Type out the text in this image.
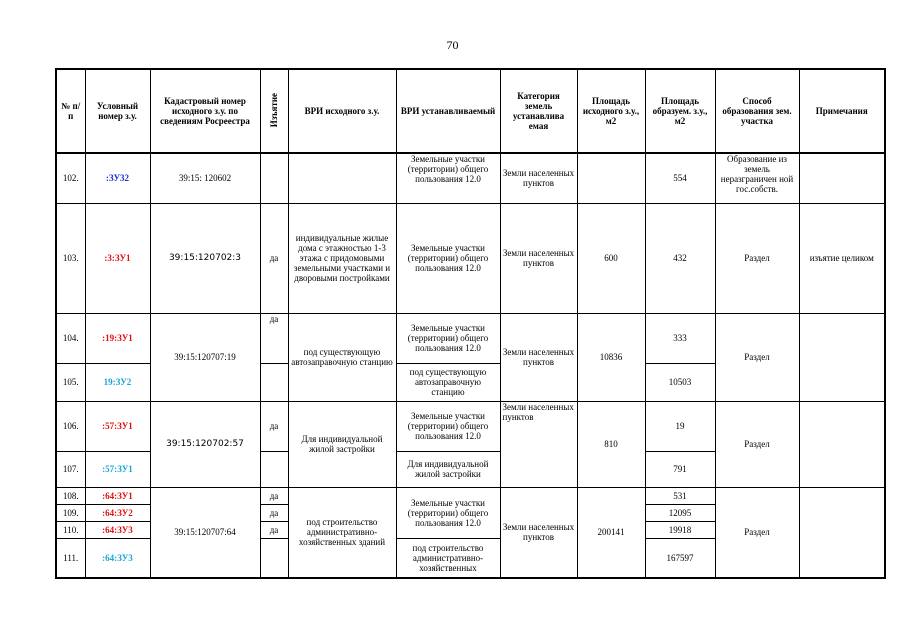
70
№ п/п	Условный номер з.у.	Кадастровый номер исходного з.у. по сведениям Росреестра	Изъятие	ВРИ исходного з.у.	ВРИ устанавливаемый	Категория земель устанавлива емая	Площадь исходного з.у., м2	Площадь образуем. з.у., м2	Способ образования зем. участка	Примечания
102.	:ЗУ32	39:15: 120602			Земельные участки (территории) общего пользования 12.0	Земли населенных пунктов		554	Образование из земель неразграничен ной гос.собств.	
103.	:3:ЗУ1	39:15:120702:3	да	индивидуальные жилые дома с этажностью 1-3 этажа с придомовыми земельными участками и дворовыми постройками	Земельные участки (территории) общего пользования 12.0	Земли населенных пунктов	600	432	Раздел	изъятие целиком
104.	:19:ЗУ1	39:15:120707:19	да	под существующую автозаправочную станцию	Земельные участки (территории) общего пользования 12.0	Земли населенных пунктов	10836	333	Раздел	
105.	19:ЗУ2				под существующую автозаправочную станцию			10503		
106.	:57:ЗУ1	39:15:120702:57	да	Для индивидуальной жилой застройки	Земельные участки (территории) общего пользования 12.0	Земли населенных пунктов	810	19	Раздел	
107.	:57:ЗУ1				Для индивидуальной жилой застройки			791		
108.	:64:ЗУ1	39:15:120707:64	да	под строительство административно-хозяйственных зданий	Земельные участки (территории) общего пользования 12.0	Земли населенных пунктов	200141	531	Раздел	
109.	:64:ЗУ2		да					12095		
110.	:64:ЗУ3		да					19918		
111.	:64:ЗУ3				под строительство административно-хозяйственных			167597		
